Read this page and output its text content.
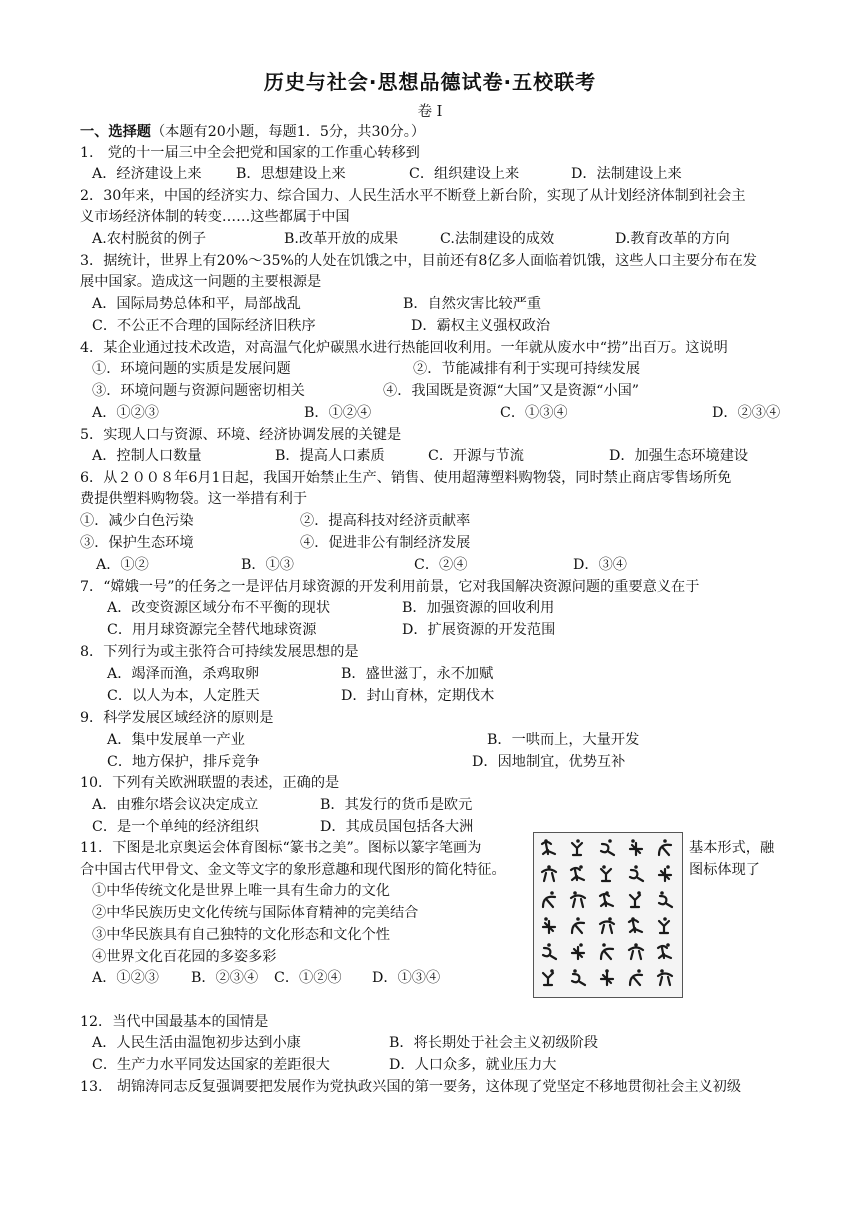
历史与社会·思想品德试卷·五校联考
卷 I
一、选择题（本题有20小题，每题1．5分，共30分。）
1.　党的十一届三中全会把党和国家的工作重心转移到
A．经济建设上来 B．思想建设上来	C．组织建设上来	D．法制建设上来
2．30年来，中国的经济实力、综合国力、人民生活水平不断登上新台阶，实现了从计划经济体制到社会主
义市场经济体制的转变……这些都属于中国
A.农村脱贫的例子	B.改革开放的成果	C.法制建设的成效	D.教育改革的方向
3．据统计，世界上有20%～35%的人处在饥饿之中，目前还有8亿多人面临着饥饿，这些人口主要分布在发
展中国家。造成这一问题的主要根源是
A．国际局势总体和平，局部战乱	B．自然灾害比较严重
C．不公正不合理的国际经济旧秩序	D．霸权主义强权政治
4．某企业通过技术改造，对高温气化炉碳黑水进行热能回收利用。一年就从废水中“捞”出百万。这说明
①．环境问题的实质是发展问题	②．节能减排有利于实现可持续发展
③．环境问题与资源问题密切相关	④．我国既是资源“大国”又是资源“小国”
A．①②③	B．①②④	C．①③④	D．②③④
5．实现人口与资源、环境、经济协调发展的关键是
A．控制人口数量	B．提高人口素质	C．开源与节流	D．加强生态环境建设
6．从２００８年6月1日起，我国开始禁止生产、销售、使用超薄塑料购物袋，同时禁止商店零售场所免
费提供塑料购物袋。这一举措有利于
①．减少白色污染	②．提高科技对经济贡献率
③．保护生态环境	④．促进非公有制经济发展
A．①②	B．①③	C．②④	D．③④
7．“嫦娥一号”的任务之一是评估月球资源的开发利用前景，它对我国解决资源问题的重要意义在于
A．改变资源区域分布不平衡的现状	B．加强资源的回收利用
C．用月球资源完全替代地球资源	D．扩展资源的开发范围
8．下列行为或主张符合可持续发展思想的是
A．竭泽而渔，杀鸡取卵	B．盛世滋丁，永不加赋
C．以人为本，人定胜天	D．封山育林，定期伐木
9．科学发展区域经济的原则是
A．集中发展单一产业	B．一哄而上，大量开发
C．地方保护，排斥竞争	D．因地制宜，优势互补
10．下列有关欧洲联盟的表述，正确的是
A．由雅尔塔会议决定成立	B．其发行的货币是欧元
C．是一个单纯的经济组织	D．其成员国包括各大洲
11．下图是北京奥运会体育图标“篆书之美”。图标以篆字笔画为	基本形式，融
合中国古代甲骨文、金文等文字的象形意趣和现代图形的简化特征。	图标体现了
①中华传统文化是世界上唯一具有生命力的文化
②中华民族历史文化传统与国际体育精神的完美结合
③中华民族具有自己独特的文化形态和文化个性
④世界文化百花园的多姿多彩
A．①②③ B．②③④ C．①②④ D．①③④
12．当代中国最基本的国情是
A．人民生活由温饱初步达到小康	B．将长期处于社会主义初级阶段
C．生产力水平同发达国家的差距很大	D．人口众多，就业压力大
13.　胡锦涛同志反复强调要把发展作为党执政兴国的第一要务，这体现了党坚定不移地贯彻社会主义初级
